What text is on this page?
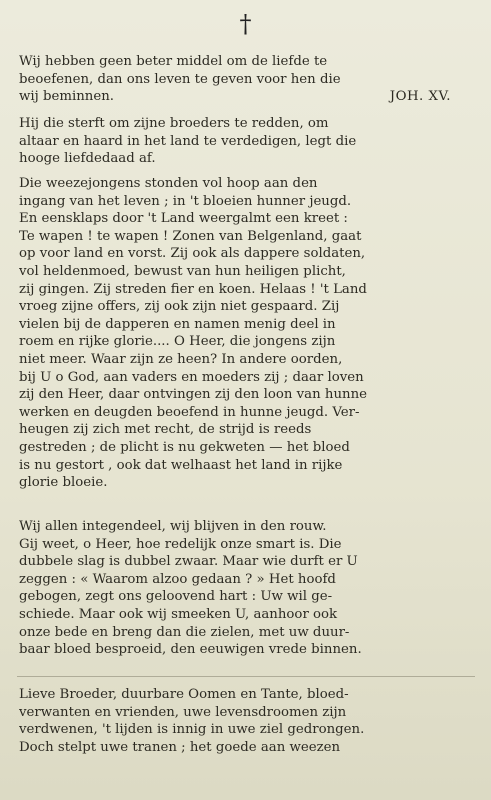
†
Wij hebben geen beter middel om de liefde te
beoefenen, dan ons leven te geven voor hen die
wij beminnen.	JOH. XV.
Hij die sterft om zijne broeders te redden, om
altaar en haard in het land te verdedigen, legt die
hooge liefdedaad af.
Die weezejongens stonden vol hoop aan den
ingang van het leven ; in 't bloeien hunner jeugd.
En eensklaps door 't Land weergalmt een kreet :
Te wapen ! te wapen ! Zonen van Belgenland, gaat
op voor land en vorst. Zij ook als dappere soldaten,
vol heldenmoed, bewust van hun heiligen plicht,
zij gingen. Zij streden fier en koen. Helaas ! 't Land
vroeg zijne offers, zij ook zijn niet gespaard. Zij
vielen bij de dapperen en namen menig deel in
roem en rijke glorie.... O Heer, die jongens zijn
niet meer. Waar zijn ze heen? In andere oorden,
bij U o God, aan vaders en moeders zij ; daar loven
zij den Heer, daar ontvingen zij den loon van hunne
werken en deugden beoefend in hunne jeugd. Ver-
heugen zij zich met recht, de strijd is reeds
gestreden ; de plicht is nu gekweten — het bloed
is nu gestort , ook dat welhaast het land in rijke
glorie bloeie.
Wij allen integendeel, wij blijven in den rouw.
Gij weet, o Heer, hoe redelijk onze smart is. Die
dubbele slag is dubbel zwaar. Maar wie durft er U
zeggen : « Waarom alzoo gedaan ? » Het hoofd
gebogen, zegt ons geloovend hart : Uw wil ge-
schiede. Maar ook wij smeeken U, aanhoor ook
onze bede en breng dan die zielen, met uw duur-
baar bloed besproeid, den eeuwigen vrede binnen.
Lieve Broeder, duurbare Oomen en Tante, bloed-
verwanten en vrienden, uwe levensdroomen zijn
verdwenen, 't lijden is innig in uwe ziel gedrongen.
Doch stelpt uwe tranen ; het goede aan weezen
